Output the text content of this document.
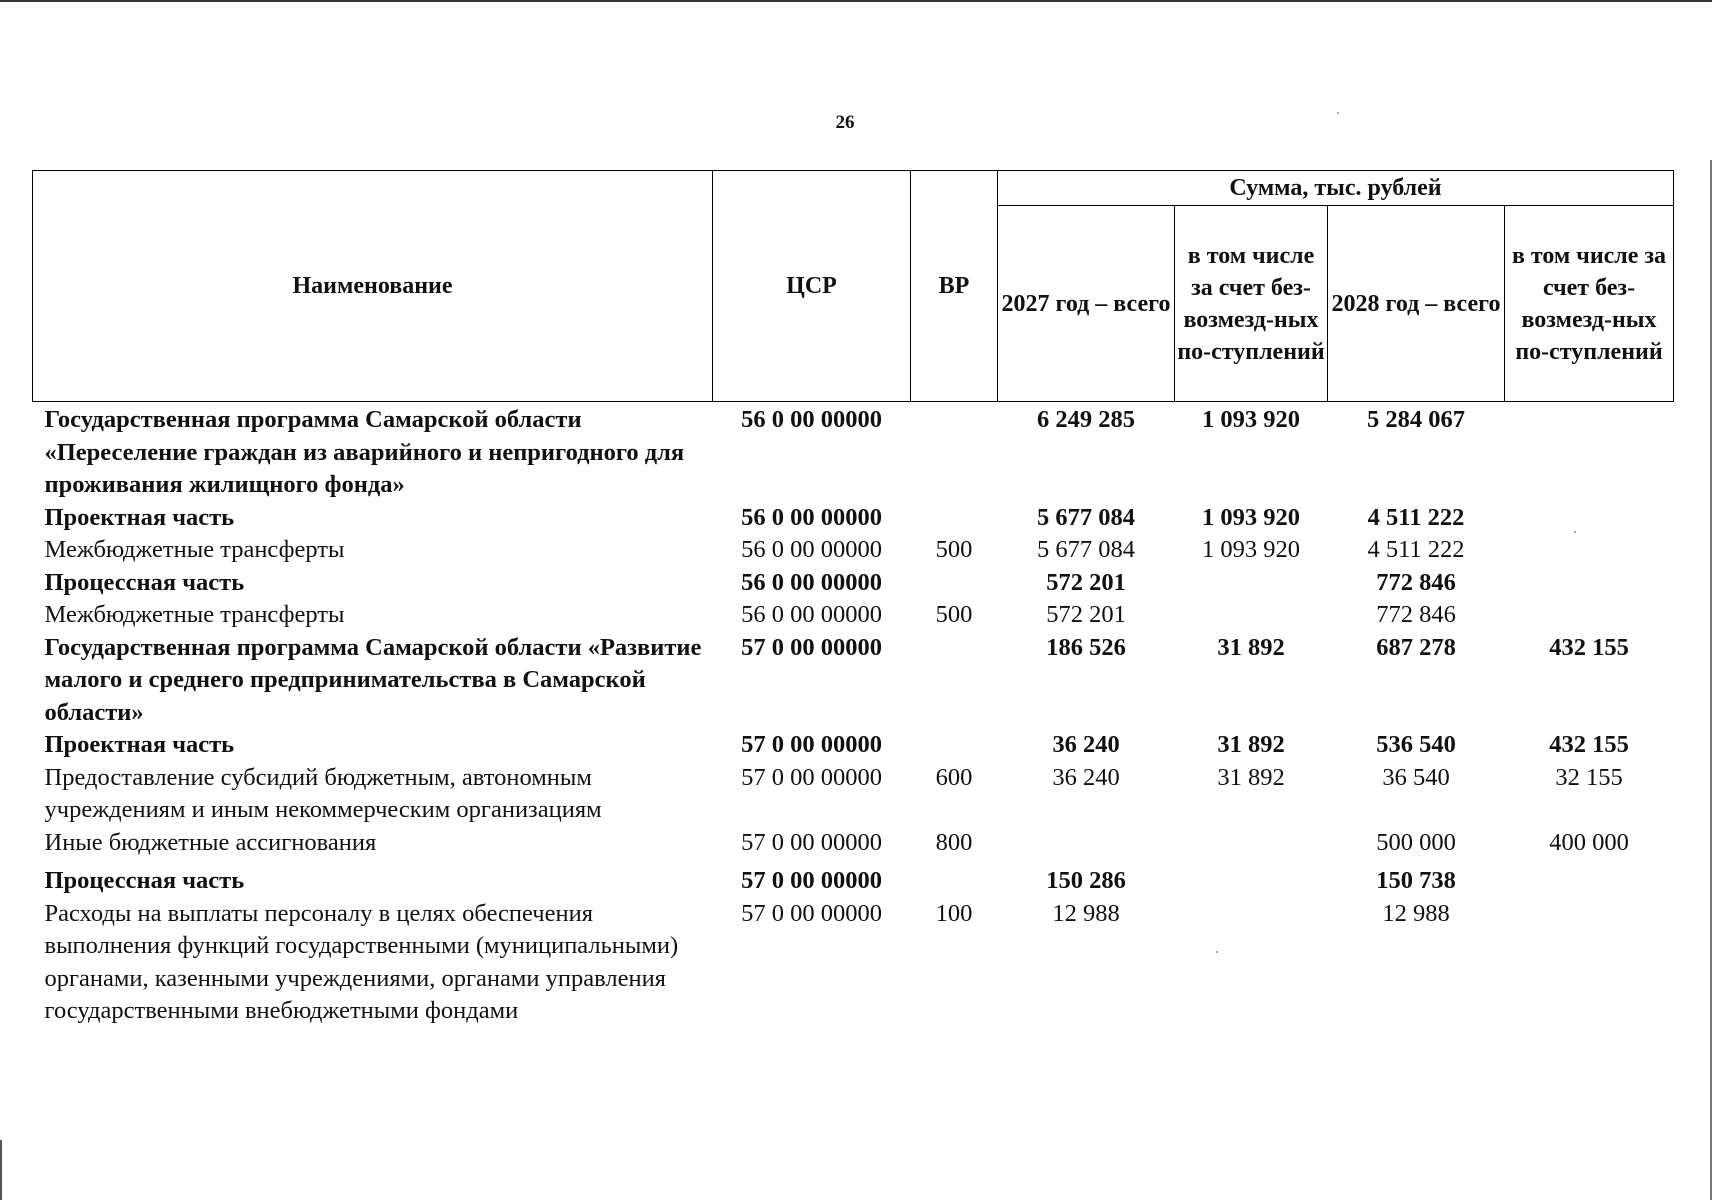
26
Наименование	ЦСР	ВР	Сумма, тыс. рублей			
			2027 год – всего	в том числе за счет без-возмезд-ных по-ступлений	2028 год – всего	в том числе за счет без-возмезд-ных по-ступлений
Государственная программа Самарской области «Переселение граждан из аварийного и непригодного для проживания жилищного фонда»	56 0 00 00000		6 249 285	1 093 920	5 284 067	
Проектная часть	56 0 00 00000		5 677 084	1 093 920	4 511 222	
Межбюджетные трансферты	56 0 00 00000	500	5 677 084	1 093 920	4 511 222	
Процессная часть	56 0 00 00000		572 201		772 846	
Межбюджетные трансферты	56 0 00 00000	500	572 201		772 846	
Государственная программа Самарской области «Развитие малого и среднего предпринимательства в Самарской области»	57 0 00 00000		186 526	31 892	687 278	432 155
Проектная часть	57 0 00 00000		36 240	31 892	536 540	432 155
Предоставление субсидий бюджетным, автономным учреждениям и иным некоммерческим организациям	57 0 00 00000	600	36 240	31 892	36 540	32 155
Иные бюджетные ассигнования	57 0 00 00000	800			500 000	400 000
Процессная часть	57 0 00 00000		150 286		150 738	
Расходы на выплаты персоналу в целях обеспечения выполнения функций государственными (муниципальными) органами, казенными учреждениями, органами управления государственными внебюджетными фондами	57 0 00 00000	100	12 988		12 988	
